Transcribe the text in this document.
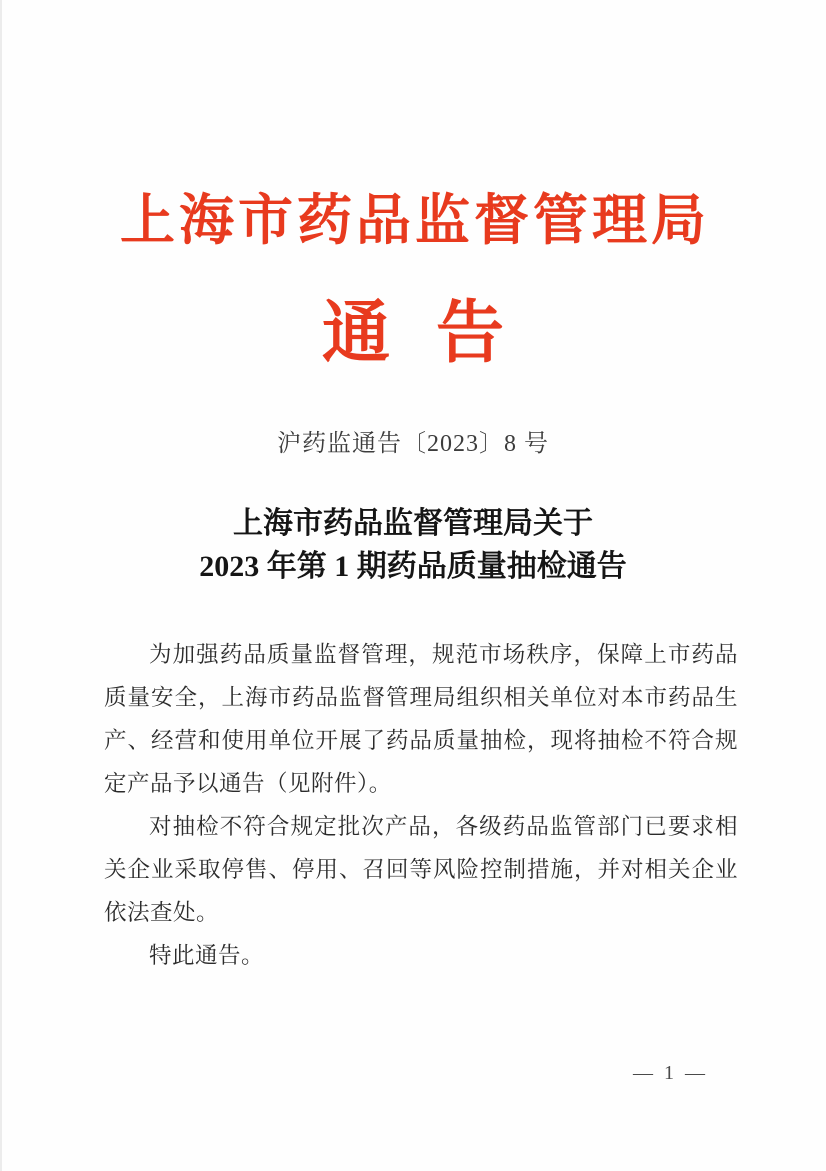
上海市药品监督管理局
通 告
沪药监通告〔2023〕8 号
上海市药品监督管理局关于
2023 年第 1 期药品质量抽检通告

为加强药品质量监督管理，规范市场秩序，保障上市药品质量安全，上海市药品监督管理局组织相关单位对本市药品生产、经营和使用单位开展了药品质量抽检，现将抽检不符合规定产品予以通告（见附件）。

对抽检不符合规定批次产品，各级药品监管部门已要求相关企业采取停售、停用、召回等风险控制措施，并对相关企业依法查处。

特此通告。

— 1 —
